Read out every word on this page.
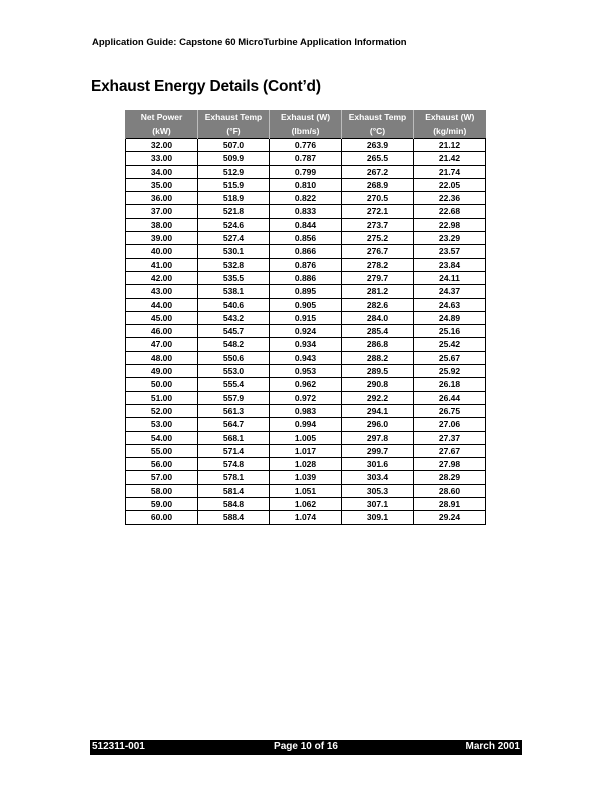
Application Guide: Capstone 60 MicroTurbine Application Information
Exhaust Energy Details (Cont’d)
Net Power	Exhaust Temp	Exhaust (W)	Exhaust Temp	Exhaust (W)
(kW)	(°F)	(lbm/s)	(°C)	(kg/min)
32.00	507.0	0.776	263.9	21.12
33.00	509.9	0.787	265.5	21.42
34.00	512.9	0.799	267.2	21.74
35.00	515.9	0.810	268.9	22.05
36.00	518.9	0.822	270.5	22.36
37.00	521.8	0.833	272.1	22.68
38.00	524.6	0.844	273.7	22.98
39.00	527.4	0.856	275.2	23.29
40.00	530.1	0.866	276.7	23.57
41.00	532.8	0.876	278.2	23.84
42.00	535.5	0.886	279.7	24.11
43.00	538.1	0.895	281.2	24.37
44.00	540.6	0.905	282.6	24.63
45.00	543.2	0.915	284.0	24.89
46.00	545.7	0.924	285.4	25.16
47.00	548.2	0.934	286.8	25.42
48.00	550.6	0.943	288.2	25.67
49.00	553.0	0.953	289.5	25.92
50.00	555.4	0.962	290.8	26.18
51.00	557.9	0.972	292.2	26.44
52.00	561.3	0.983	294.1	26.75
53.00	564.7	0.994	296.0	27.06
54.00	568.1	1.005	297.8	27.37
55.00	571.4	1.017	299.7	27.67
56.00	574.8	1.028	301.6	27.98
57.00	578.1	1.039	303.4	28.29
58.00	581.4	1.051	305.3	28.60
59.00	584.8	1.062	307.1	28.91
60.00	588.4	1.074	309.1	29.24
512311-001	Page 10 of 16	March 2001
